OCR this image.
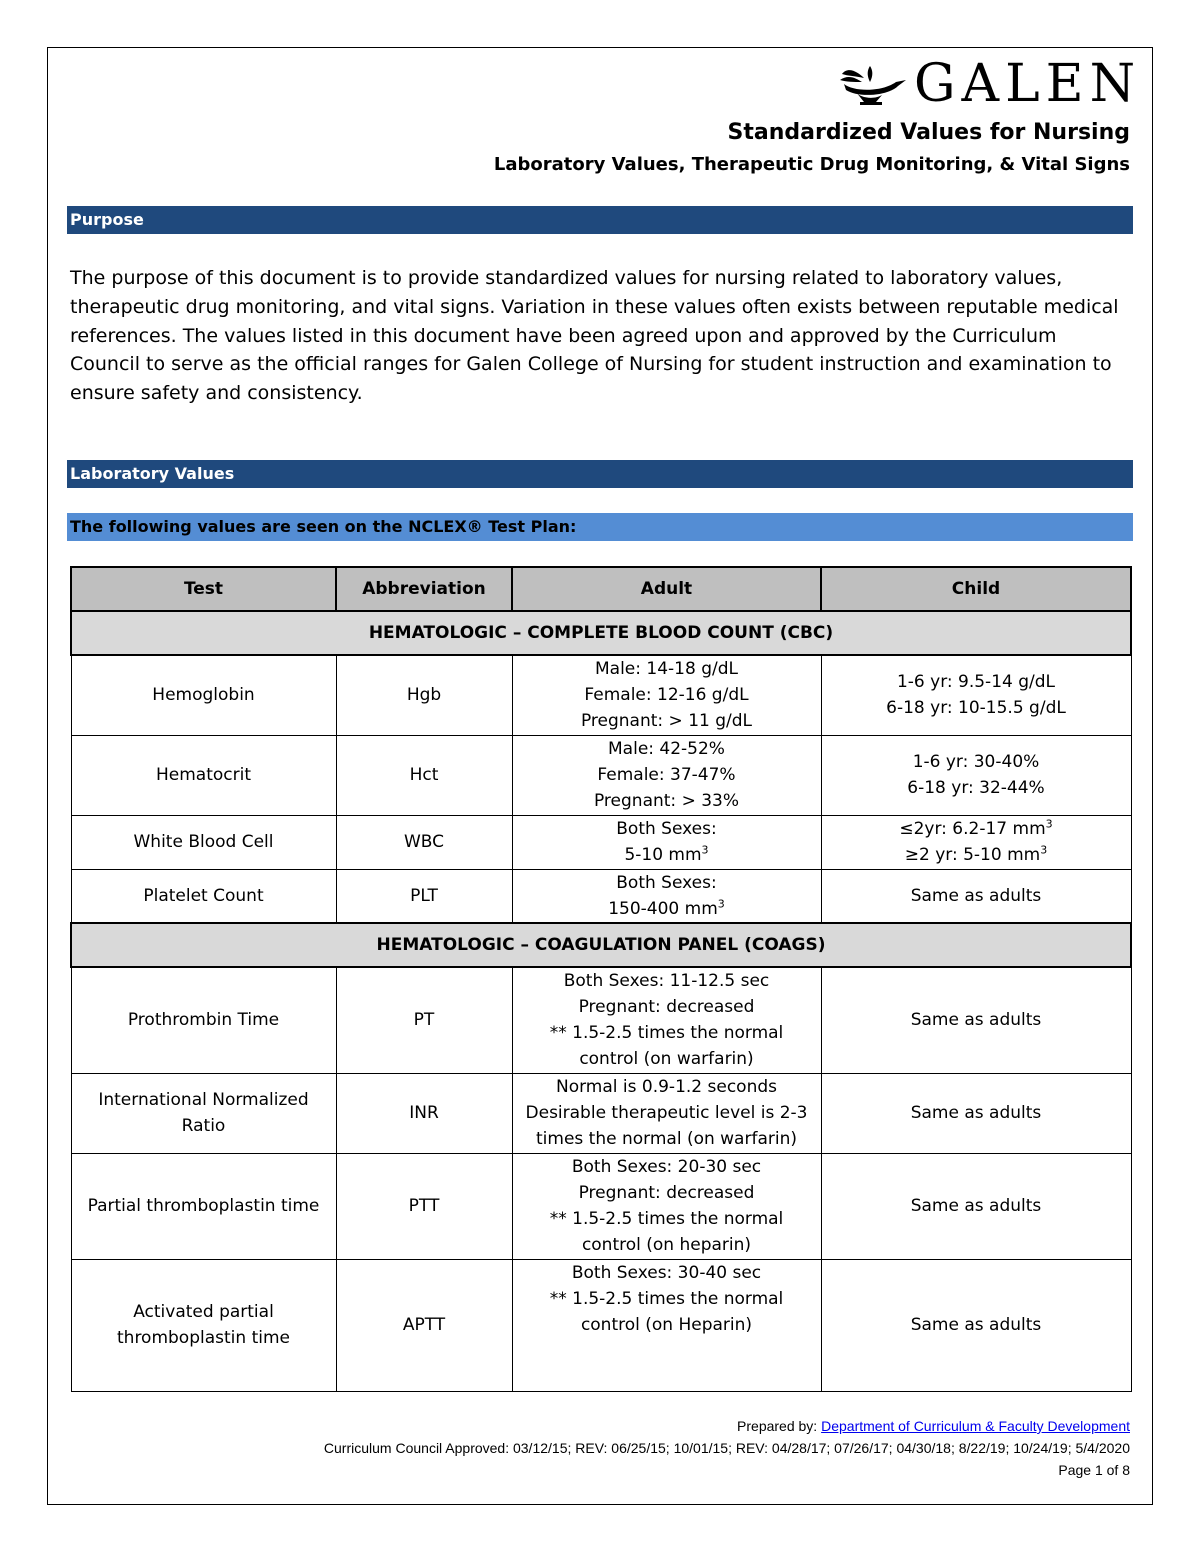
GALEN
Standardized Values for Nursing
Laboratory Values, Therapeutic Drug Monitoring, & Vital Signs
Purpose
The purpose of this document is to provide standardized values for nursing related to laboratory values, therapeutic drug monitoring, and vital signs. Variation in these values often exists between reputable medical references. The values listed in this document have been agreed upon and approved by the Curriculum Council to serve as the official ranges for Galen College of Nursing for student instruction and examination to ensure safety and consistency.
Laboratory Values
The following values are seen on the NCLEX® Test Plan:
Test	Abbreviation	Adult	Child
HEMATOLOGIC – COMPLETE BLOOD COUNT (CBC)			

Hemoglobin	Hgb	Male: 14-18 g/dL
Female: 12-16 g/dL
Pregnant: > 11 g/dL	1-6 yr: 9.5-14 g/dL
6-18 yr: 10-15.5 g/dL

Hematocrit	Hct	Male: 42-52%
Female: 37-47%
Pregnant: > 33%	1-6 yr: 30-40%
6-18 yr: 32-44%

White Blood Cell	WBC	Both Sexes:
5-10 $mm^3$	≤2yr: 6.2-17 $mm^3$
≥2 yr: 5-10 $mm^3$

Platelet Count	PLT	Both Sexes:
150-400 $mm^3$	Same as adults

HEMATOLOGIC – COAGULATION PANEL (COAGS)			

Prothrombin Time	PT	Both Sexes: 11-12.5 sec
Pregnant: decreased
** 1.5-2.5 times the normal
control (on warfarin)	Same as adults

International Normalized
Ratio	INR	Normal is 0.9-1.2 seconds
Desirable therapeutic level is 2-3
times the normal (on warfarin)	Same as adults

Partial thromboplastin time	PTT	Both Sexes: 20-30 sec
Pregnant: decreased
** 1.5-2.5 times the normal
control (on heparin)	Same as adults

Activated partial
thromboplastin time	APTT	Both Sexes: 30-40 sec
** 1.5-2.5 times the normal
control (on Heparin)	Same as adults
Prepared by: Department of Curriculum & Faculty Development
Curriculum Council Approved: 03/12/15; REV: 06/25/15; 10/01/15; REV: 04/28/17; 07/26/17; 04/30/18; 8/22/19; 10/24/19; 5/4/2020
Page 1 of 8
